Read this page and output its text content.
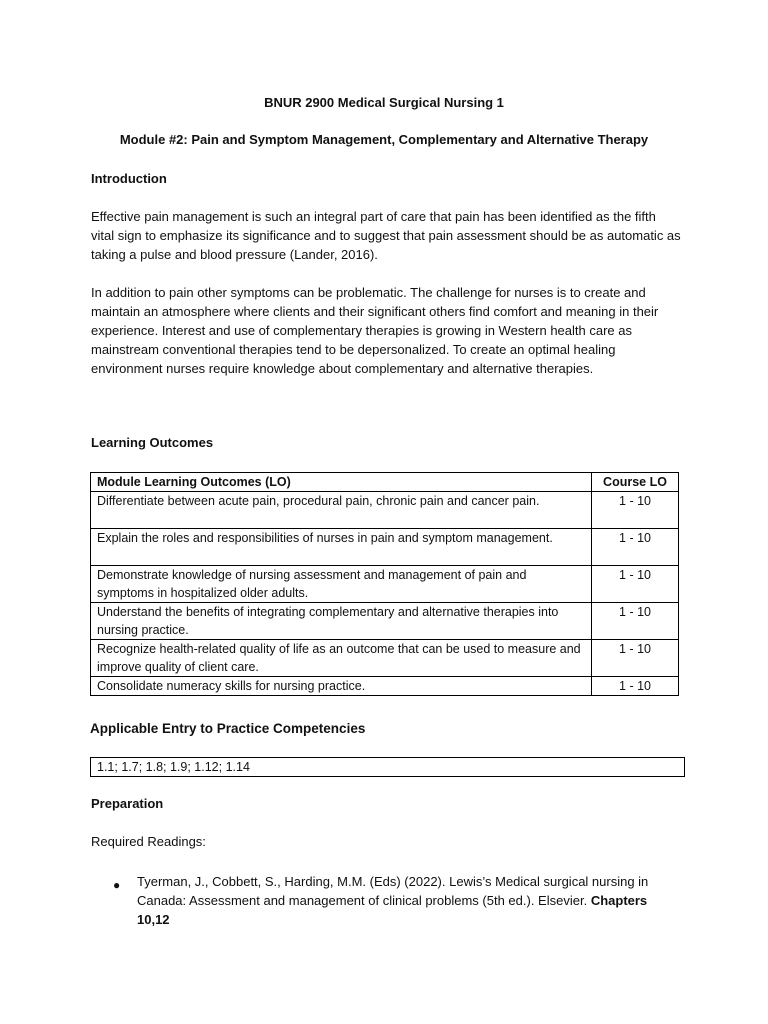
BNUR 2900 Medical Surgical Nursing 1
Module #2: Pain and Symptom Management, Complementary and Alternative Therapy
Introduction
Effective pain management is such an integral part of care that pain has been identified as the fifth vital sign to emphasize its significance and to suggest that pain assessment should be as automatic as taking a pulse and blood pressure (Lander, 2016).
In addition to pain other symptoms can be problematic. The challenge for nurses is to create and maintain an atmosphere where clients and their significant others find comfort and meaning in their experience. Interest and use of complementary therapies is growing in Western health care as mainstream conventional therapies tend to be depersonalized. To create an optimal healing environment nurses require knowledge about complementary and alternative therapies.
Learning Outcomes
Module Learning Outcomes (LO)	Course LO
Differentiate between acute pain, procedural pain, chronic pain and cancer pain.	1 - 10
Explain the roles and responsibilities of nurses in pain and symptom management.	1 - 10
Demonstrate knowledge of nursing assessment and management of pain and symptoms in hospitalized older adults.	1 - 10
Understand the benefits of integrating complementary and alternative therapies into nursing practice.	1 - 10
Recognize health-related quality of life as an outcome that can be used to measure and improve quality of client care.	1 - 10
Consolidate numeracy skills for nursing practice.	1 - 10
Applicable Entry to Practice Competencies
1.1; 1.7; 1.8; 1.9; 1.12; 1.14
Preparation
Required Readings:
● Tyerman, J., Cobbett, S., Harding, M.M. (Eds) (2022). Lewis’s Medical surgical nursing in Canada: Assessment and management of clinical problems (5th ed.). Elsevier. Chapters 10,12
